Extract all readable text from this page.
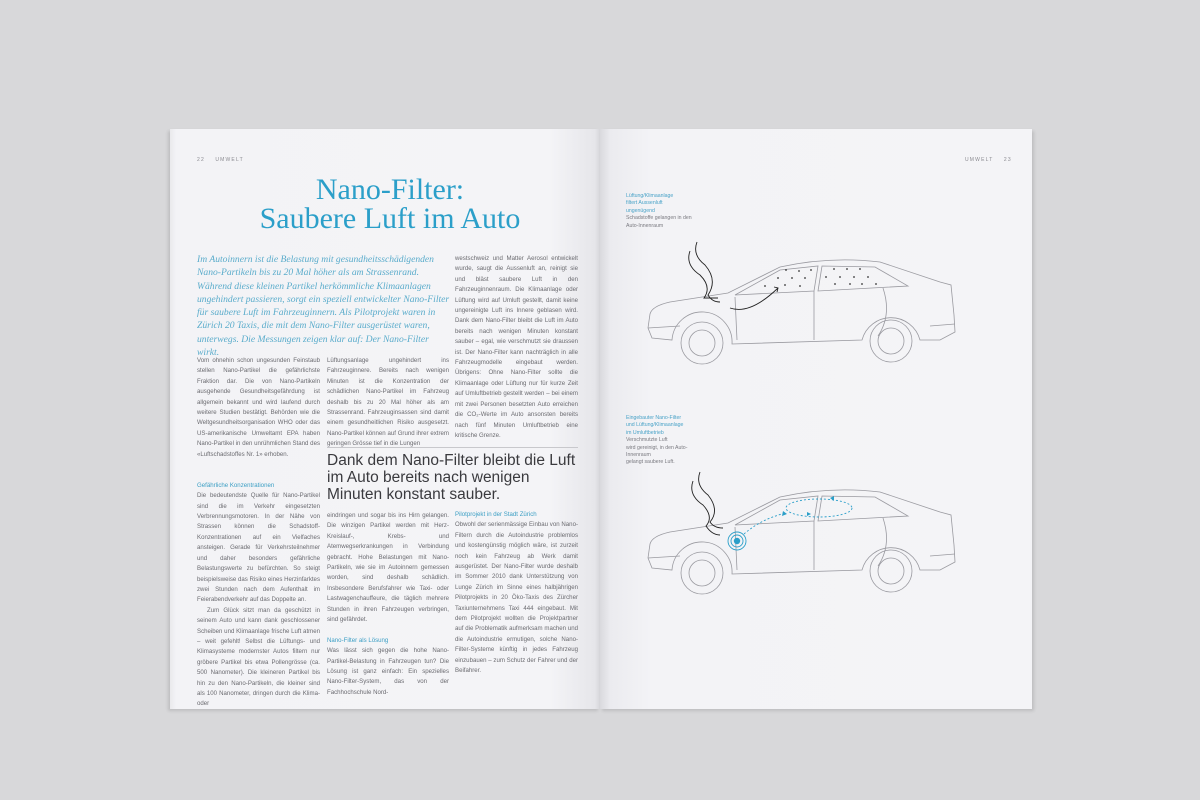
22 UMWELT
Nano-Filter:
Saubere Luft im Auto
Im Autoinnern ist die Belastung mit gesundheitsschädigenden Nano-Partikeln bis zu 20 Mal höher als am Strassenrand. Während diese kleinen Partikel herkömmliche Klimaanlagen ungehindert passieren, sorgt ein speziell entwickelter Nano-Filter für saubere Luft im Fahrzeuginnern. Als Pilotprojekt waren in Zürich 20 Taxis, die mit dem Nano-Filter ausgerüstet waren, unterwegs. Die Messungen zeigen klar auf: Der Nano-Filter wirkt.

Vom ohnehin schon ungesunden Feinstaub stellen Nano-Partikel die gefährlichste Fraktion dar. Die von Nano-Partikeln ausgehende Gesundheitsgefährdung ist allgemein bekannt und wird laufend durch weitere Studien bestätigt. Behörden wie die Weltgesundheitsorganisation WHO oder das US-amerikanische Umweltamt EPA haben Nano-Partikel in den unrühmlichen Stand des «Luftschadstoffes Nr. 1» erhoben.

Gefährliche Konzentrationen

Die bedeutendste Quelle für Nano-Partikel sind die im Verkehr eingesetzten Verbrennungsmotoren. In der Nähe von Strassen können die Schadstoff-Konzentrationen auf ein Vielfaches ansteigen. Gerade für Verkehrsteilnehmer und daher besonders gefährliche Belastungswerte zu befürchten. So steigt beispielsweise das Risiko eines Herzinfarktes zwei Stunden nach dem Aufenthalt im Feierabendverkehr auf das Doppelte an.

Zum Glück sitzt man da geschützt in seinem Auto und kann dank geschlossener Scheiben und Klimaanlage frische Luft atmen – weit gefehlt! Selbst die Lüftungs- und Klimasysteme modernster Autos filtern nur gröbere Partikel bis etwa Pollengrösse (ca. 500 Nanometer). Die kleineren Partikel bis hin zu den Nano-Partikeln, die kleiner sind als 100 Nanometer, dringen durch die Klima- oder

Lüftungsanlage ungehindert ins Fahrzeuginnere. Bereits nach wenigen Minuten ist die Konzentration der schädlichen Nano-Partikel im Fahrzeug deshalb bis zu 20 Mal höher als am Strassenrand. Fahrzeuginsassen sind damit einem gesundheitlichen Risiko ausgesetzt. Nano-Partikel können auf Grund ihrer extrem geringen Grösse tief in die Lungen

Dank dem Nano-Filter bleibt die Luft im Auto bereits nach wenigen Minuten konstant sauber.

eindringen und sogar bis ins Hirn gelangen. Die winzigen Partikel werden mit Herz-Kreislauf-, Krebs- und Atemwegserkrankungen in Verbindung gebracht. Hohe Belastungen mit Nano-Partikeln, wie sie im Autoinnern gemessen worden, sind deshalb schädlich. Insbesondere Berufsfahrer wie Taxi- oder Lastwagenchauffeure, die täglich mehrere Stunden in ihren Fahrzeugen verbringen, sind gefährdet.

Nano-Filter als Lösung

Was lässt sich gegen die hohe Nano-Partikel-Belastung in Fahrzeugen tun? Die Lösung ist ganz einfach: Ein spezielles Nano-Filter-System, das von der Fachhochschule Nord-

westschweiz und Matter Aerosol entwickelt wurde, saugt die Aussenluft an, reinigt sie und bläst saubere Luft in den Fahrzeuginnenraum. Die Klimaanlage oder Lüftung wird auf Umluft gestellt, damit keine ungereinigte Luft ins Innere geblasen wird. Dank dem Nano-Filter bleibt die Luft im Auto bereits nach wenigen Minuten konstant sauber – egal, wie verschmutzt sie draussen ist. Der Nano-Filter kann nachträglich in alle Fahrzeugmodelle eingebaut werden. Übrigens: Ohne Nano-Filter sollte die Klimaanlage oder Lüftung nur für kurze Zeit auf Umluftbetrieb gestellt werden – bei einem mit zwei Personen besetzten Auto erreichen die CO₂-Werte im Auto ansonsten bereits nach fünf Minuten Umluftbetrieb eine kritische Grenze.

Pilotprojekt in der Stadt Zürich

Obwohl der serienmässige Einbau von Nano-Filtern durch die Autoindustrie problemlos und kostengünstig möglich wäre, ist zurzeit noch kein Fahrzeug ab Werk damit ausgerüstet. Der Nano-Filter wurde deshalb im Sommer 2010 dank Unterstützung von Lunge Zürich im Sinne eines halbjährigen Pilotprojekts in 20 Öko-Taxis des Zürcher Taxiunternehmens Taxi 444 eingebaut. Mit dem Pilotprojekt wollten die Projektpartner auf die Problematik aufmerksam machen und die Autoindustrie ermutigen, solche Nano-Filter-Systeme künftig in jedes Fahrzeug einzubauen – zum Schutz der Fahrer und der Beifahrer.

UMWELT 23
Lüftung/Klimaanlage
filtert Aussenluft
ungenügend
Schadstoffe gelangen in den
Auto-Innenraum
Eingebauter Nano-Filter
und Lüftung/Klimaanlage
im Umluftbetrieb
Verschmutzte Luft
wird gereinigt, in den Auto-
Innenraum
gelangt saubere Luft.
